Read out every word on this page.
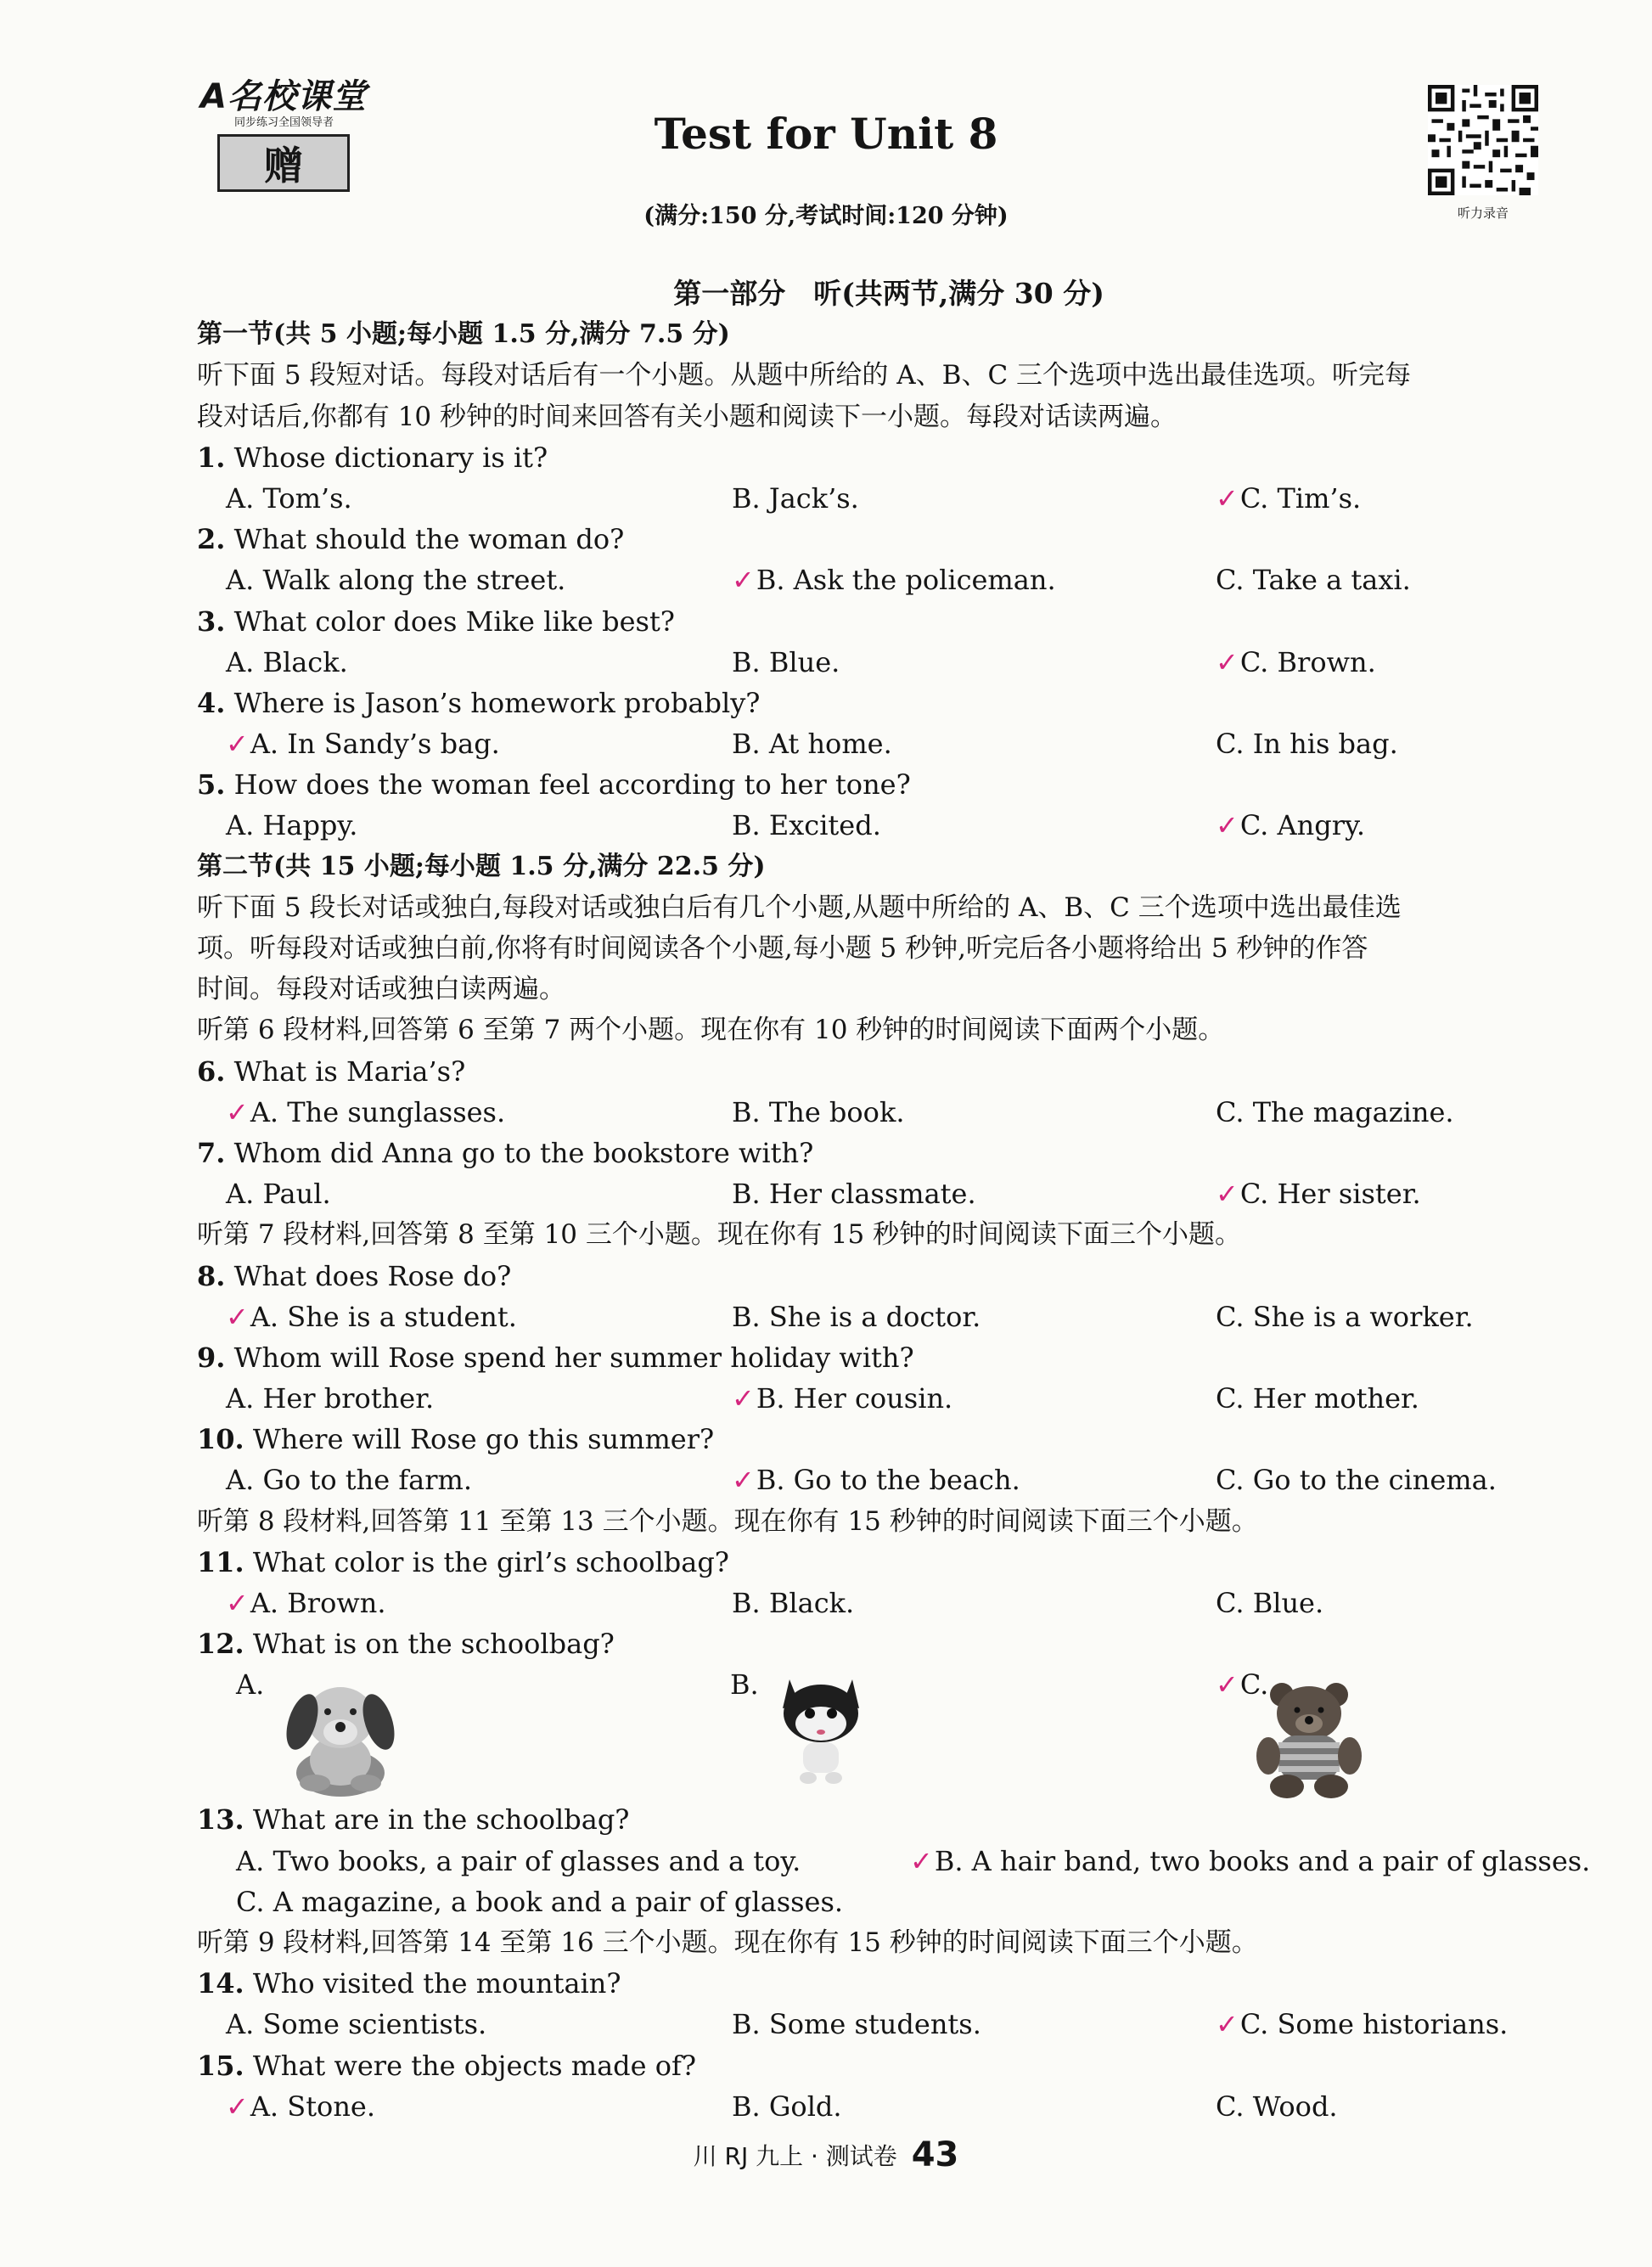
A名校课堂
同步练习全国领导者
赠
听力录音
Test for Unit 8
(满分:150 分,考试时间:120 分钟)
第一部分　听(共两节,满分 30 分)
第一节(共 5 小题;每小题 1.5 分,满分 7.5 分)
听下面 5 段短对话。每段对话后有一个小题。从题中所给的 A、B、C 三个选项中选出最佳选项。听完每
段对话后,你都有 10 秒钟的时间来回答有关小题和阅读下一小题。每段对话读两遍。
1. Whose dictionary is it?
A. Tom’s.	B. Jack’s.	✓C. Tim’s.
2. What should the woman do?
A. Walk along the street.	✓B. Ask the policeman.	C. Take a taxi.
3. What color does Mike like best?
A. Black.	B. Blue.	✓C. Brown.
4. Where is Jason’s homework probably?
✓A. In Sandy’s bag.	B. At home.	C. In his bag.
5. How does the woman feel according to her tone?
A. Happy.	B. Excited.	✓C. Angry.
第二节(共 15 小题;每小题 1.5 分,满分 22.5 分)
听下面 5 段长对话或独白,每段对话或独白后有几个小题,从题中所给的 A、B、C 三个选项中选出最佳选
项。听每段对话或独白前,你将有时间阅读各个小题,每小题 5 秒钟,听完后各小题将给出 5 秒钟的作答
时间。每段对话或独白读两遍。
听第 6 段材料,回答第 6 至第 7 两个小题。现在你有 10 秒钟的时间阅读下面两个小题。
6. What is Maria’s?
✓A. The sunglasses.	B. The book.	C. The magazine.
7. Whom did Anna go to the bookstore with?
A. Paul.	B. Her classmate.	✓C. Her sister.
听第 7 段材料,回答第 8 至第 10 三个小题。现在你有 15 秒钟的时间阅读下面三个小题。
8. What does Rose do?
✓A. She is a student.	B. She is a doctor.	C. She is a worker.
9. Whom will Rose spend her summer holiday with?
A. Her brother.	✓B. Her cousin.	C. Her mother.
10. Where will Rose go this summer?
A. Go to the farm.	✓B. Go to the beach.	C. Go to the cinema.
听第 8 段材料,回答第 11 至第 13 三个小题。现在你有 15 秒钟的时间阅读下面三个小题。
11. What color is the girl’s schoolbag?
✓A. Brown.	B. Black.	C. Blue.
12. What is on the schoolbag?
A.	B.	✓C.
13. What are in the schoolbag?
A. Two books, a pair of glasses and a toy.	✓B. A hair band, two books and a pair of glasses.
C. A magazine, a book and a pair of glasses.
听第 9 段材料,回答第 14 至第 16 三个小题。现在你有 15 秒钟的时间阅读下面三个小题。
14. Who visited the mountain?
A. Some scientists.	B. Some students.	✓C. Some historians.
15. What were the objects made of?
✓A. Stone.	B. Gold.	C. Wood.
川 RJ 九上 · 测试卷 43
